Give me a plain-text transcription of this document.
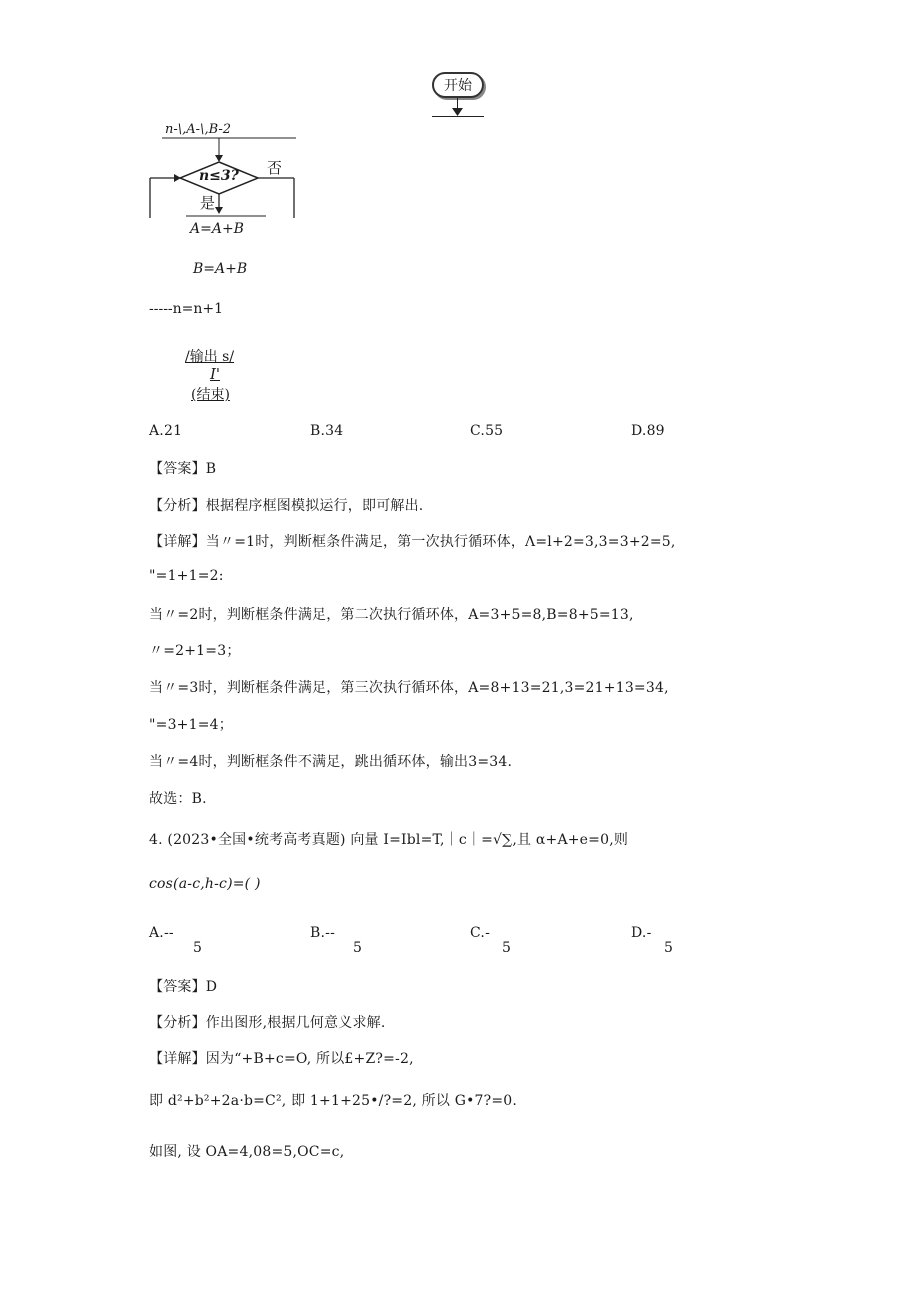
开始
n-\,A-\,B-2
n≤3? 否
是
A=A+B
B=A+B
-----n=n+1
/输出 s/
I'
(结束)
A.21	B.34	C.55	D.89
【答案】B
【分析】根据程序框图模拟运行，即可解出.
【详解】当〃=1时，判断框条件满足，第一次执行循环体，Λ=l+2=3,3=3+2=5,
"=1+1=2:
当〃=2时，判断框条件满足，第二次执行循环体，A=3+5=8,B=8+5=13,
〃=2+1=3；
当〃=3时，判断框条件满足，第三次执行循环体，A=8+13=21,3=21+13=34,
"=3+1=4；
当〃=4时，判断框条件不满足，跳出循环体，输出3=34.
故选：B.
4. (2023•全国•统考高考真题) 向量 I=Ibl=T,｜c｜=√∑,且 α+A+e=0,则
cos(a-c,h-c)=( )
A.--
5
B.--
5
C.-
5
D.-
5
【答案】D
【分析】作出图形,根据几何意义求解.
【详解】因为“+B+c=O, 所以£+Z?=-2,
即 d²+b²+2a·b=C², 即 1+1+25•/?=2, 所以 G•7?=0.
如图, 设 OA=4,08=5,OC=c,
